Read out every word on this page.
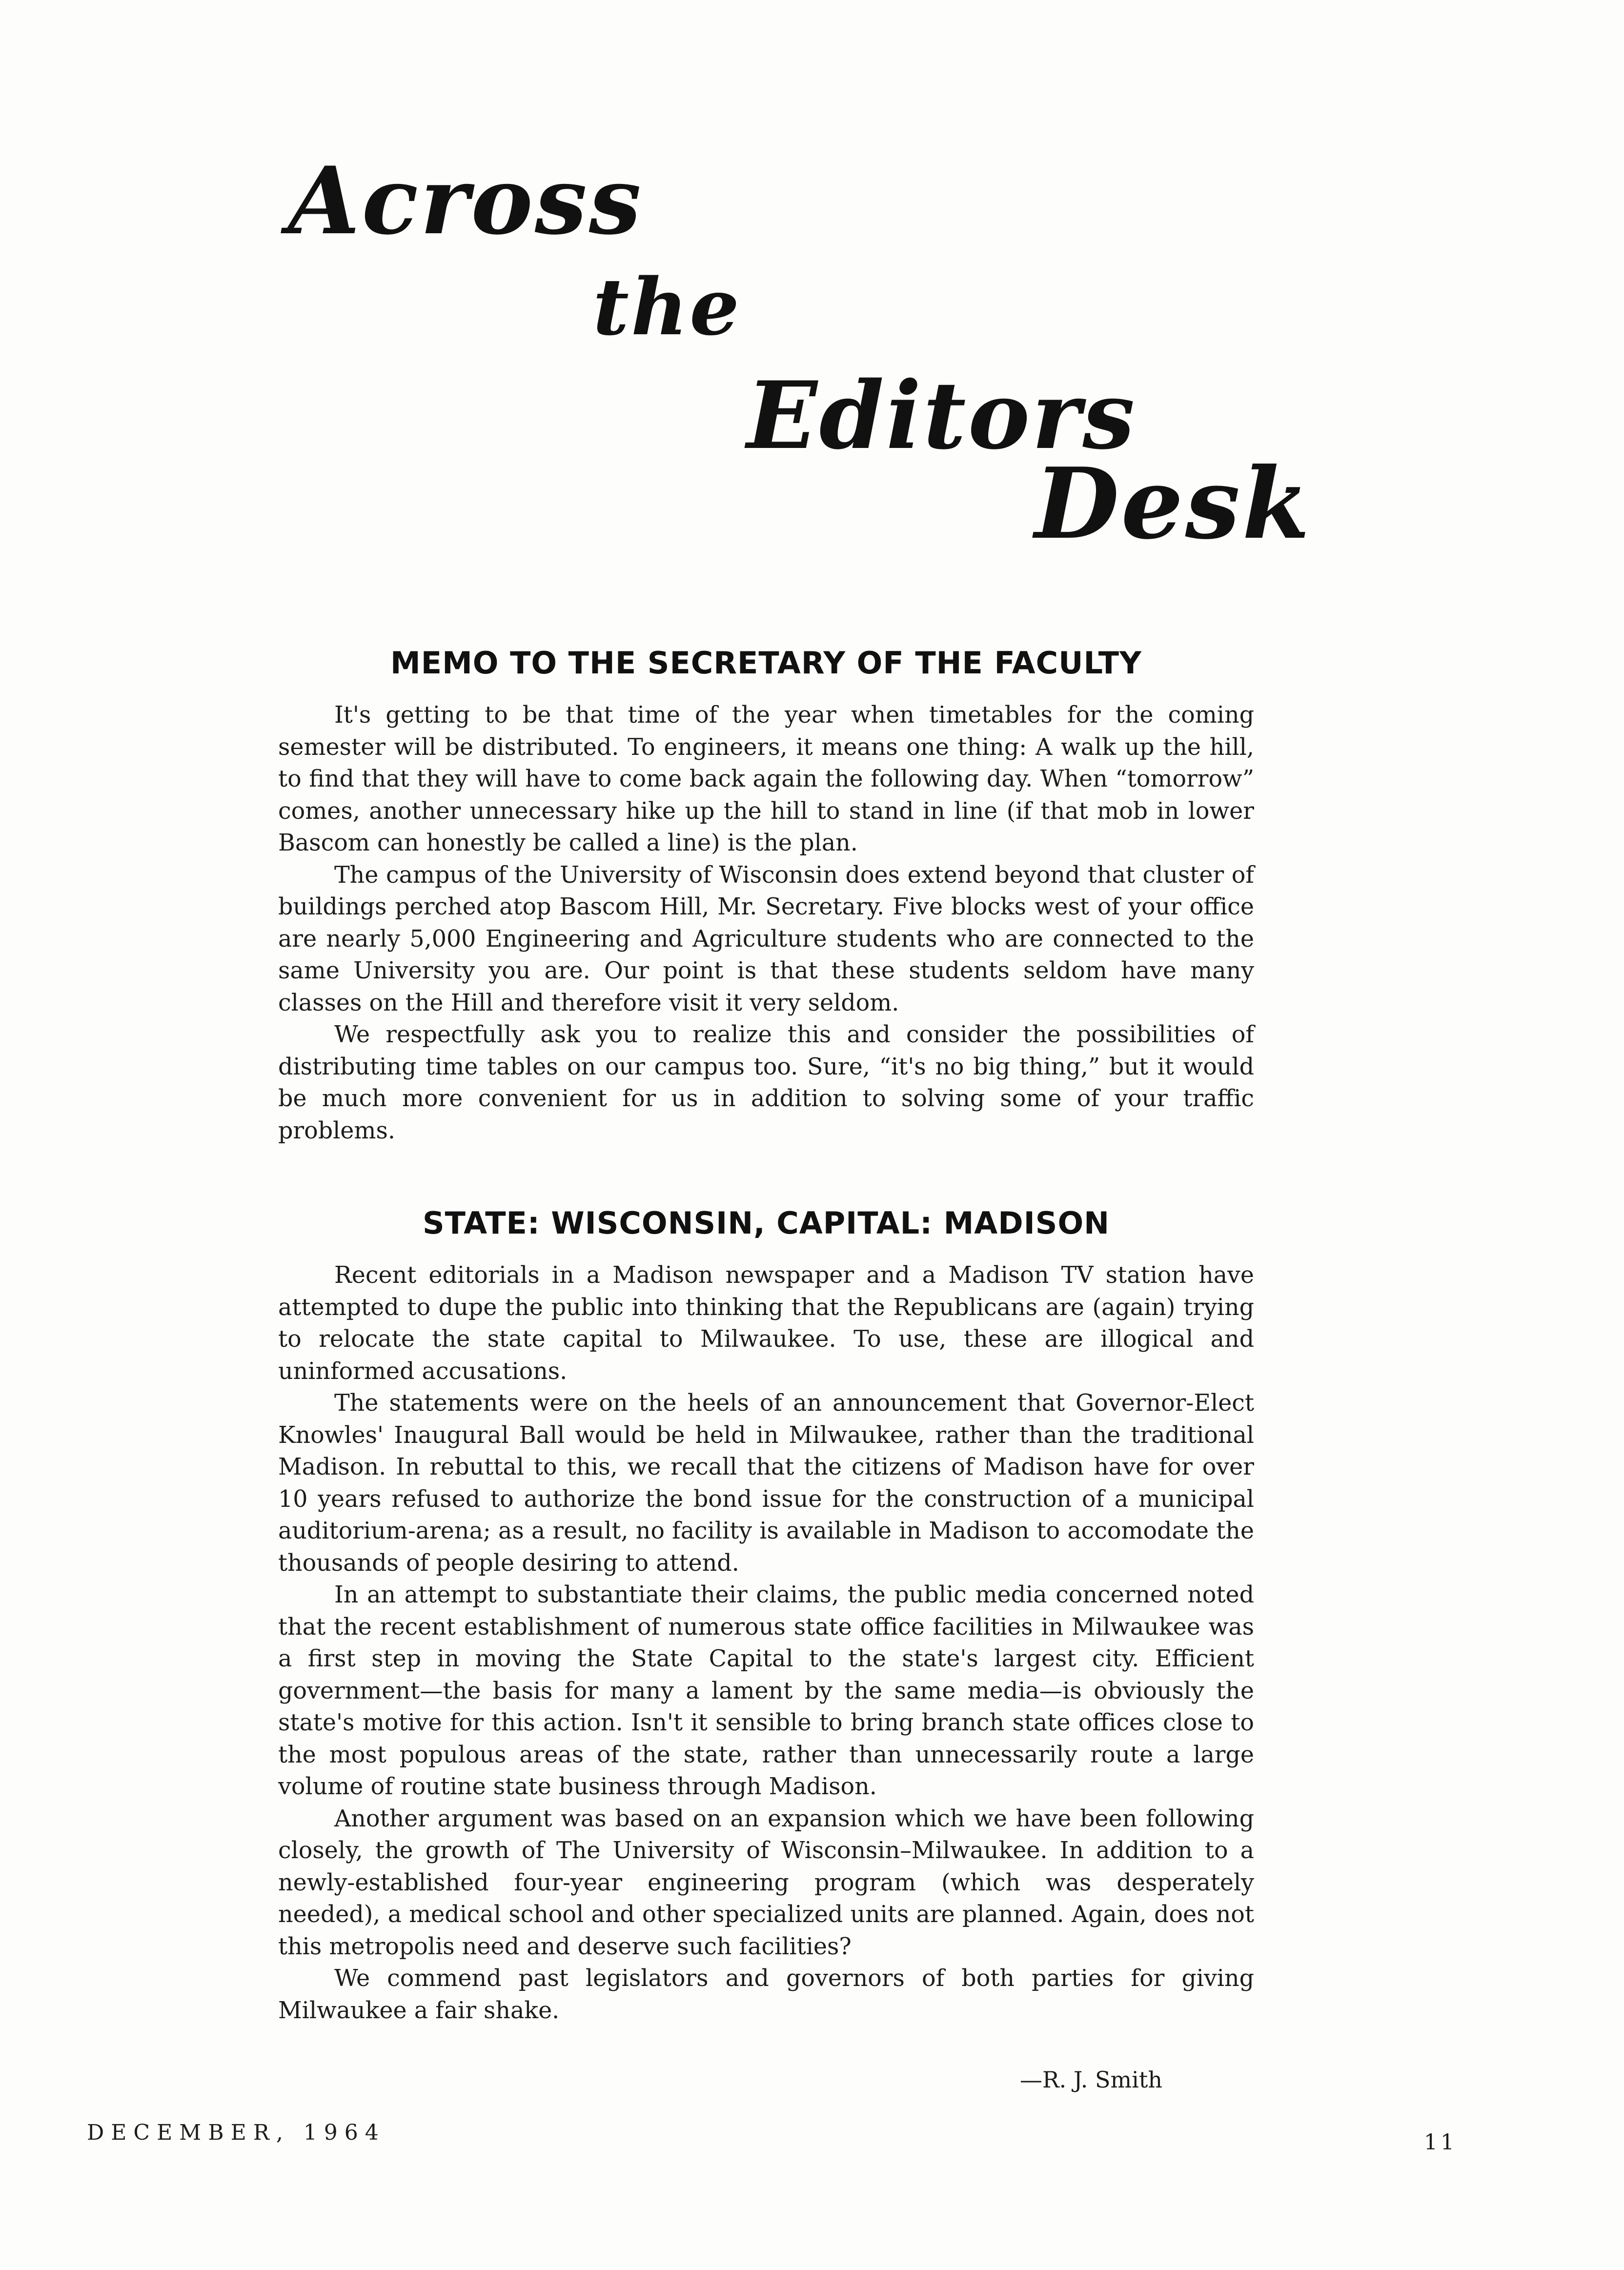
Across
the
Editors
Desk
MEMO TO THE SECRETARY OF THE FACULTY

It's getting to be that time of the year when timetables for the coming semester will be distributed. To engineers, it means one thing: A walk up the hill, to find that they will have to come back again the following day. When “tomorrow” comes, another unnecessary hike up the hill to stand in line (if that mob in lower Bascom can honestly be called a line) is the plan.

The campus of the University of Wisconsin does extend beyond that cluster of buildings perched atop Bascom Hill, Mr. Secretary. Five blocks west of your office are nearly 5,000 Engineering and Agriculture students who are connected to the same University you are. Our point is that these students seldom have many classes on the Hill and therefore visit it very seldom.

We respectfully ask you to realize this and consider the possibilities of distributing time tables on our campus too. Sure, “it's no big thing,” but it would be much more convenient for us in addition to solving some of your traffic problems.

STATE: WISCONSIN, CAPITAL: MADISON

Recent editorials in a Madison newspaper and a Madison TV station have attempted to dupe the public into thinking that the Republicans are (again) trying to relocate the state capital to Milwaukee. To use, these are illogical and uninformed accusations.

The statements were on the heels of an announcement that Governor-Elect Knowles' Inaugural Ball would be held in Milwaukee, rather than the traditional Madison. In rebuttal to this, we recall that the citizens of Madison have for over 10 years refused to authorize the bond issue for the construction of a municipal auditorium-arena; as a result, no facility is available in Madison to accomodate the thousands of people desiring to attend.

In an attempt to substantiate their claims, the public media concerned noted that the recent establishment of numerous state office facilities in Milwaukee was a first step in moving the State Capital to the state's largest city. Efficient government—the basis for many a lament by the same media—is obviously the state's motive for this action. Isn't it sensible to bring branch state offices close to the most populous areas of the state, rather than unnecessarily route a large volume of routine state business through Madison.

Another argument was based on an expansion which we have been following closely, the growth of The University of Wisconsin–Milwaukee. In addition to a newly-established four-year engineering program (which was desperately needed), a medical school and other specialized units are planned. Again, does not this metropolis need and deserve such facilities?

We commend past legislators and governors of both parties for giving Milwaukee a fair shake.

—R. J. Smith
DECEMBER, 1964	11
